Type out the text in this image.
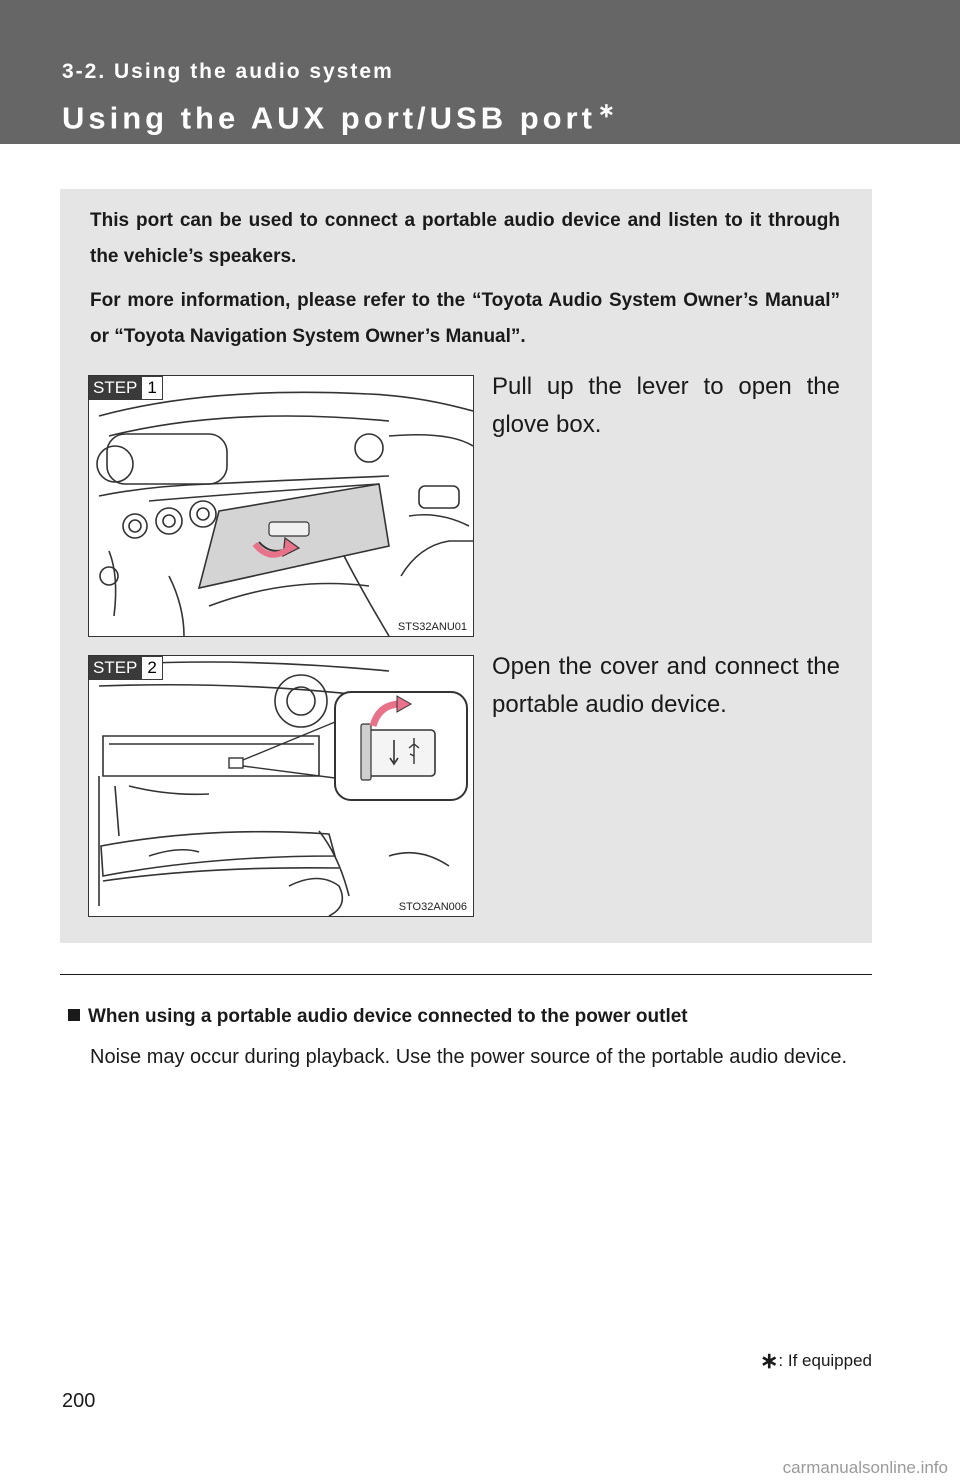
3-2. Using the audio system
Using the AUX port/USB port ∗
This port can be used to connect a portable audio device and listen to it through the vehicle’s speakers.
For more information, please refer to the “Toyota Audio System Owner’s Manual” or “Toyota Navigation System Owner’s Manual”.
STEP 1
STS32ANU01
Pull up the lever to open the glove box.
STEP 2
STO32AN006
Open the cover and connect the portable audio device.
When using a portable audio device connected to the power outlet
Noise may occur during playback. Use the power source of the portable audio device.
∗: If equipped
200
carmanualsonline.info
